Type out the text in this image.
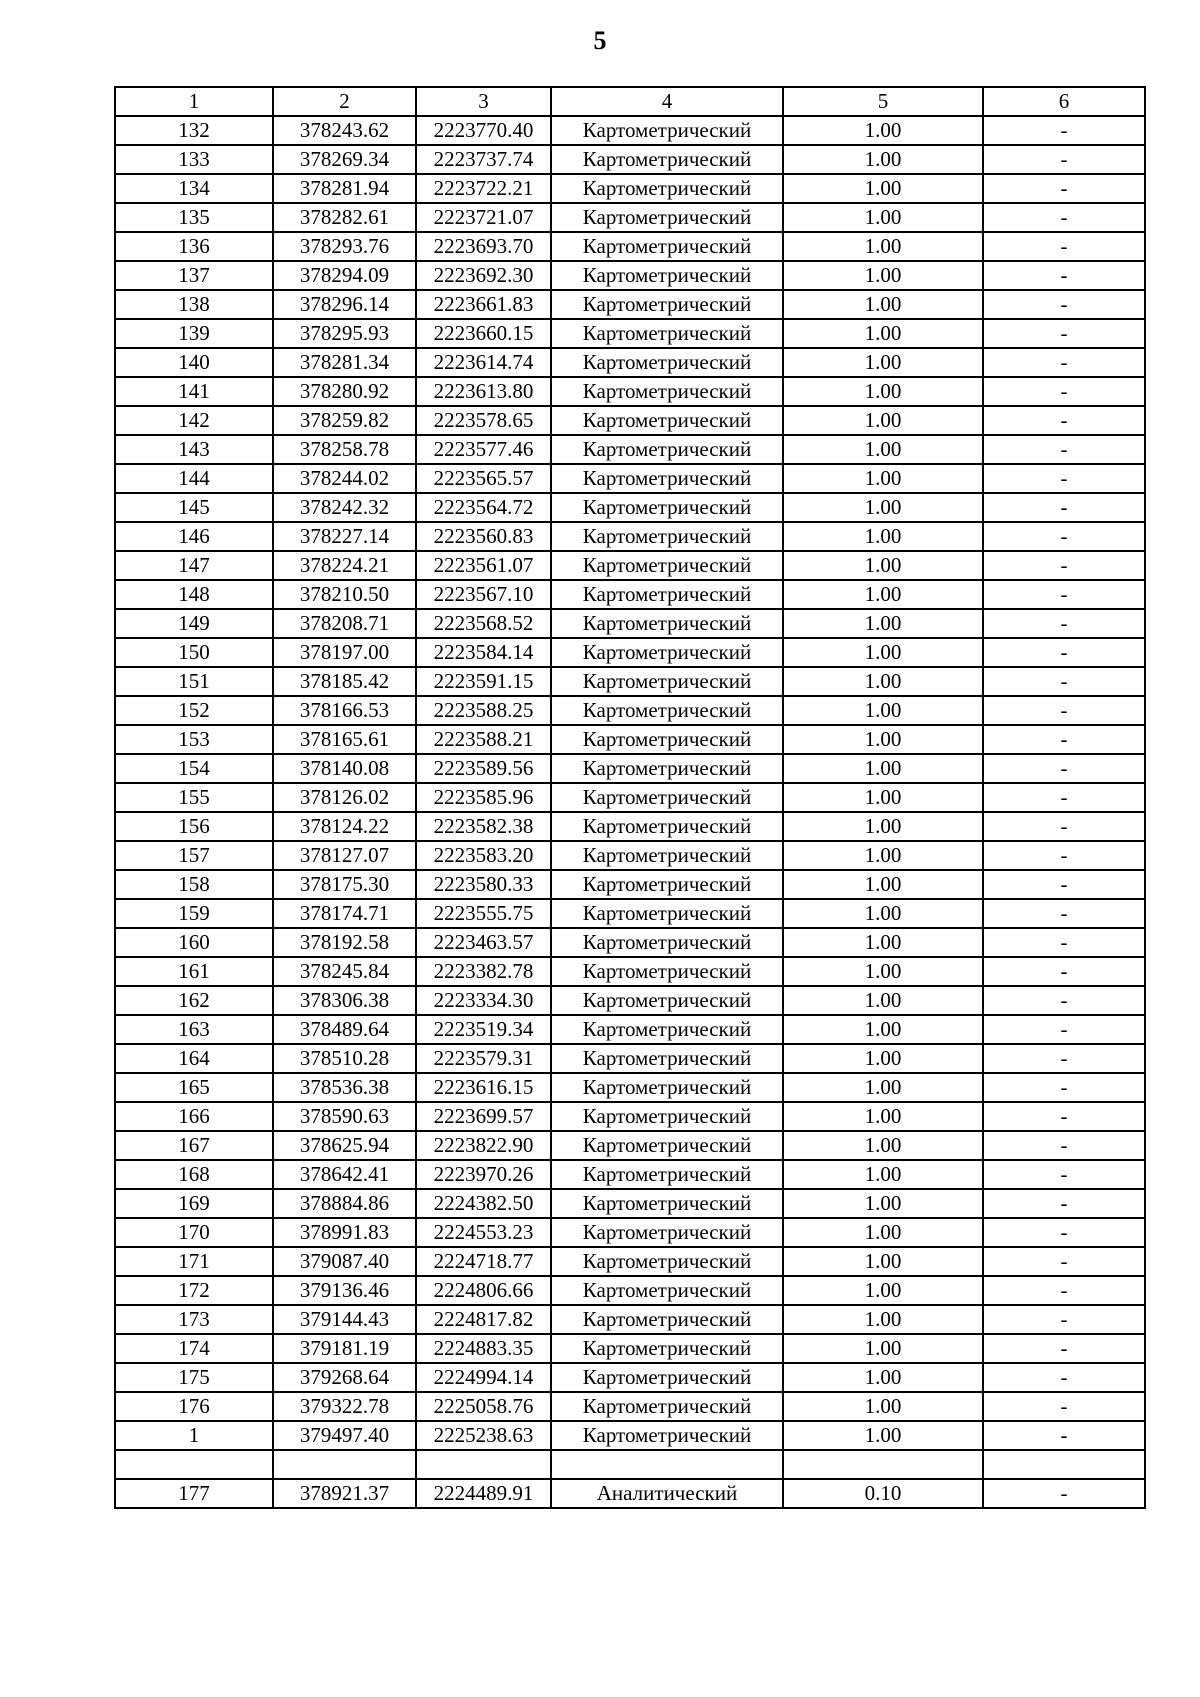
5
1	2	3	4	5	6
132	378243.62	2223770.40	Картометрический	1.00	-
133	378269.34	2223737.74	Картометрический	1.00	-
134	378281.94	2223722.21	Картометрический	1.00	-
135	378282.61	2223721.07	Картометрический	1.00	-
136	378293.76	2223693.70	Картометрический	1.00	-
137	378294.09	2223692.30	Картометрический	1.00	-
138	378296.14	2223661.83	Картометрический	1.00	-
139	378295.93	2223660.15	Картометрический	1.00	-
140	378281.34	2223614.74	Картометрический	1.00	-
141	378280.92	2223613.80	Картометрический	1.00	-
142	378259.82	2223578.65	Картометрический	1.00	-
143	378258.78	2223577.46	Картометрический	1.00	-
144	378244.02	2223565.57	Картометрический	1.00	-
145	378242.32	2223564.72	Картометрический	1.00	-
146	378227.14	2223560.83	Картометрический	1.00	-
147	378224.21	2223561.07	Картометрический	1.00	-
148	378210.50	2223567.10	Картометрический	1.00	-
149	378208.71	2223568.52	Картометрический	1.00	-
150	378197.00	2223584.14	Картометрический	1.00	-
151	378185.42	2223591.15	Картометрический	1.00	-
152	378166.53	2223588.25	Картометрический	1.00	-
153	378165.61	2223588.21	Картометрический	1.00	-
154	378140.08	2223589.56	Картометрический	1.00	-
155	378126.02	2223585.96	Картометрический	1.00	-
156	378124.22	2223582.38	Картометрический	1.00	-
157	378127.07	2223583.20	Картометрический	1.00	-
158	378175.30	2223580.33	Картометрический	1.00	-
159	378174.71	2223555.75	Картометрический	1.00	-
160	378192.58	2223463.57	Картометрический	1.00	-
161	378245.84	2223382.78	Картометрический	1.00	-
162	378306.38	2223334.30	Картометрический	1.00	-
163	378489.64	2223519.34	Картометрический	1.00	-
164	378510.28	2223579.31	Картометрический	1.00	-
165	378536.38	2223616.15	Картометрический	1.00	-
166	378590.63	2223699.57	Картометрический	1.00	-
167	378625.94	2223822.90	Картометрический	1.00	-
168	378642.41	2223970.26	Картометрический	1.00	-
169	378884.86	2224382.50	Картометрический	1.00	-
170	378991.83	2224553.23	Картометрический	1.00	-
171	379087.40	2224718.77	Картометрический	1.00	-
172	379136.46	2224806.66	Картометрический	1.00	-
173	379144.43	2224817.82	Картометрический	1.00	-
174	379181.19	2224883.35	Картометрический	1.00	-
175	379268.64	2224994.14	Картометрический	1.00	-
176	379322.78	2225058.76	Картометрический	1.00	-
1	379497.40	2225238.63	Картометрический	1.00	-

177	378921.37	2224489.91	Аналитический	0.10	-
